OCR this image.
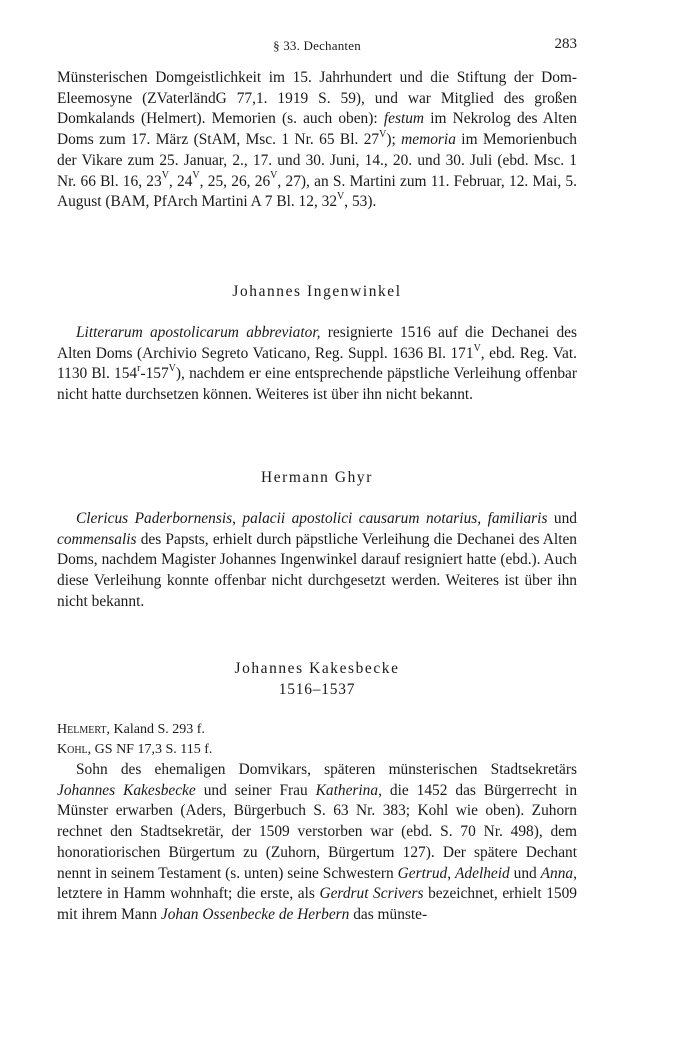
§ 33. Dechanten	283
Münsterischen Domgeistlichkeit im 15. Jahrhundert und die Stiftung der Dom-Eleemosyne (ZVaterländG 77,1. 1919 S. 59), und war Mitglied des großen Domkalands (Helmert). Memorien (s. auch oben): festum im Nekrolog des Alten Doms zum 17. März (StAM, Msc. 1 Nr. 65 Bl. $27^V$); memoria im Memorienbuch der Vikare zum 25. Januar, 2., 17. und 30. Juni, 14., 20. und 30. Juli (ebd. Msc. 1 Nr. 66 Bl. 16, $23^V$, $24^V$, 25, 26, $26^V$, 27), an S. Martini zum 11. Februar, 12. Mai, 5. August (BAM, PfArch Martini A 7 Bl. 12, $32^V$, 53).
Johannes Ingenwinkel
Litterarum apostolicarum abbreviator, resignierte 1516 auf die Dechanei des Alten Doms (Archivio Segreto Vaticano, Reg. Suppl. 1636 Bl. $171^V$, ebd. Reg. Vat. 1130 Bl. $154^r-157^V$), nachdem er eine entsprechende päpstliche Verleihung offenbar nicht hatte durchsetzen können. Weiteres ist über ihn nicht bekannt.
Hermann Ghyr
Clericus Paderbornensis, palacii apostolici causarum notarius, familiaris und commensalis des Papsts, erhielt durch päpstliche Verleihung die Dechanei des Alten Doms, nachdem Magister Johannes Ingenwinkel darauf resigniert hatte (ebd.). Auch diese Verleihung konnte offenbar nicht durchgesetzt werden. Weiteres ist über ihn nicht bekannt.
Johannes Kakesbecke
1516–1537
Helmert, Kaland S. 293 f.
Kohl, GS NF 17,3 S. 115 f.
Sohn des ehemaligen Domvikars, späteren münsterischen Stadtsekretärs Johannes Kakesbecke und seiner Frau Katherina, die 1452 das Bürgerrecht in Münster erwarben (Aders, Bürgerbuch S. 63 Nr. 383; Kohl wie oben). Zuhorn rechnet den Stadtsekretär, der 1509 verstorben war (ebd. S. 70 Nr. 498), dem honoratiorischen Bürgertum zu (Zuhorn, Bürgertum 127). Der spätere Dechant nennt in seinem Testament (s. unten) seine Schwestern Gertrud, Adelheid und Anna, letztere in Hamm wohnhaft; die erste, als Gerdrut Scrivers bezeichnet, erhielt 1509 mit ihrem Mann Johan Ossenbecke de Herbern das münste-
